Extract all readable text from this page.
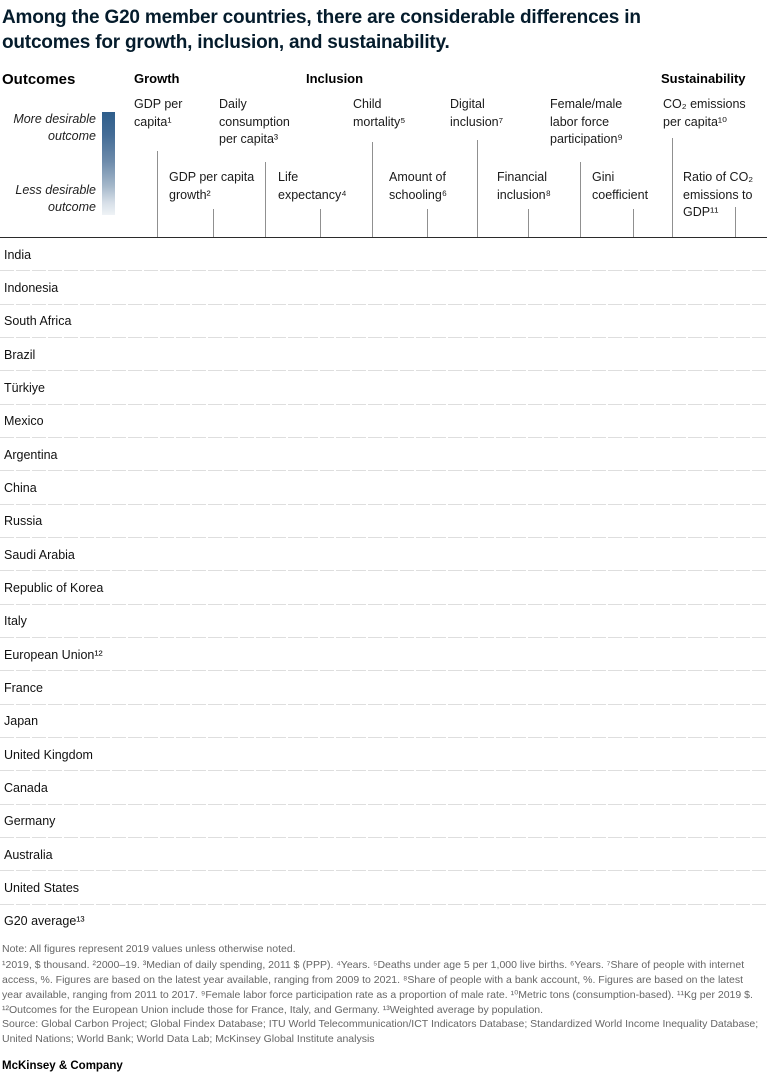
Among the G20 member countries, there are considerable differences in outcomes for growth, inclusion, and sustainability.
Outcomes
More desirable outcome
Less desirable outcome
Growth	Inclusion	Sustainability
GDP per capita¹
Daily consumption per capita³
Child mortality⁵
Digital inclusion⁷
Female/male labor force participation⁹
CO₂ emissions per capita¹⁰
GDP per capita growth²
Life expectancy⁴
Amount of schooling⁶
Financial inclusion⁸
Gini coefficient
Ratio of CO₂ emissions to GDP¹¹
India
Indonesia
South Africa
Brazil
Türkiye
Mexico
Argentina
China
Russia
Saudi Arabia
Republic of Korea
Italy
European Union¹²
France
Japan
United Kingdom
Canada
Germany
Australia
United States
G20 average¹³
Note: All figures represent 2019 values unless otherwise noted.
¹2019, $ thousand. ²2000–19. ³Median of daily spending, 2011 $ (PPP). ⁴Years. ⁵Deaths under age 5 per 1,000 live births. ⁶Years. ⁷Share of people with internet access, %. Figures are based on the latest year available, ranging from 2009 to 2021. ⁸Share of people with a bank account, %. Figures are based on the latest year available, ranging from 2011 to 2017. ⁹Female labor force participation rate as a proportion of male rate. ¹⁰Metric tons (consumption-based). ¹¹Kg per 2019 $. ¹²Outcomes for the European Union include those for France, Italy, and Germany. ¹³Weighted average by population.
Source: Global Carbon Project; Global Findex Database; ITU World Telecommunication/ICT Indicators Database; Standardized World Income Inequality Database; United Nations; World Bank; World Data Lab; McKinsey Global Institute analysis
McKinsey & Company
